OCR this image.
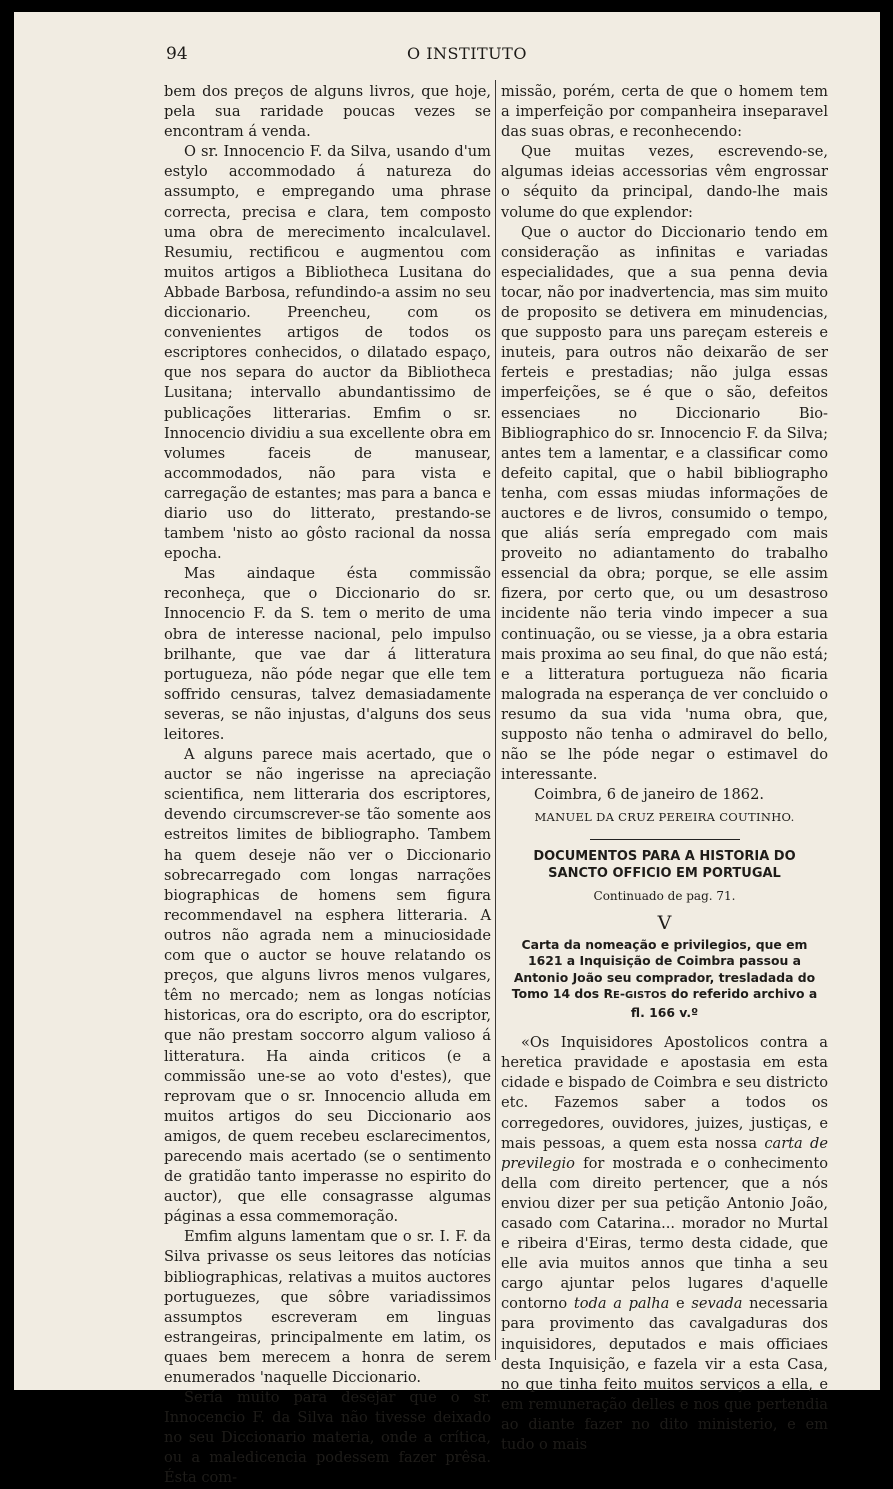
94	O INSTITUTO

bem dos preços de alguns livros, que hoje, pela sua raridade poucas vezes se encontram á venda.

O sr. Innocencio F. da Silva, usando d'um estylo accommodado á natureza do assumpto, e empregando uma phrase correcta, precisa e clara, tem composto uma obra de merecimento incalculavel. Resumiu, rectificou e augmentou com muitos artigos a Bibliotheca Lusitana do Abbade Barbosa, refundindo-a assim no seu diccionario. Preencheu, com os convenientes artigos de todos os escriptores conhecidos, o dilatado espaço, que nos separa do auctor da Bibliotheca Lusitana; intervallo abundantissimo de publicações litterarias. Emfim o sr. Innocencio dividiu a sua excellente obra em volumes faceis de manusear, accommodados, não para vista e carregação de estantes; mas para a banca e diario uso do litterato, prestando-se tambem 'nisto ao gôsto racional da nossa epocha.

Mas aindaque ésta commissão reconheça, que o Diccionario do sr. Innocencio F. da S. tem o merito de uma obra de interesse nacional, pelo impulso brilhante, que vae dar á litteratura portugueza, não póde negar que elle tem soffrido censuras, talvez demasiadamente severas, se não injustas, d'alguns dos seus leitores.

A alguns parece mais acertado, que o auctor se não ingerisse na apreciação scientifica, nem litteraria dos escriptores, devendo circumscrever-se tão somente aos estreitos limites de bibliographo. Tambem ha quem deseje não ver o Diccionario sobrecarregado com longas narrações biographicas de homens sem figura recommendavel na esphera litteraria. A outros não agrada nem a minuciosidade com que o auctor se houve relatando os preços, que alguns livros menos vulgares, têm no mercado; nem as longas notícias historicas, ora do escripto, ora do escriptor, que não prestam soccorro algum valioso á litteratura. Ha ainda criticos (e a commissão une-se ao voto d'estes), que reprovam que o sr. Innocencio alluda em muitos artigos do seu Diccionario aos amigos, de quem recebeu esclarecimentos, parecendo mais acertado (se o sentimento de gratidão tanto imperasse no espirito do auctor), que elle consagrasse algumas páginas a essa commemoração.

Emfim alguns lamentam que o sr. I. F. da Silva privasse os seus leitores das notícias bibliographicas, relativas a muitos auctores portuguezes, que sôbre variadissimos assumptos escreveram em linguas estrangeiras, principalmente em latim, os quaes bem merecem a honra de serem enumerados 'naquelle Diccionario.

Sería muito para desejar que o sr. Innocencio F. da Silva não tivesse deixado no seu Diccionario materia, onde a crítica, ou a maledicencia podessem fazer prêsa. Ésta com-

missão, porém, certa de que o homem tem a imperfeição por companheira inseparavel das suas obras, e reconhecendo:

Que muitas vezes, escrevendo-se, algumas ideias accessorias vêm engrossar o séquito da principal, dando-lhe mais volume do que explendor:

Que o auctor do Diccionario tendo em consideração as infinitas e variadas especialidades, que a sua penna devia tocar, não por inadvertencia, mas sim muito de proposito se detivera em minudencias, que supposto para uns pareçam estereis e inuteis, para outros não deixarão de ser ferteis e prestadias; não julga essas imperfeições, se é que o são, defeitos essenciaes no Diccionario Bio-Bibliographico do sr. Innocencio F. da Silva; antes tem a lamentar, e a classificar como defeito capital, que o habil bibliographo tenha, com essas miudas informações de auctores e de livros, consumido o tempo, que aliás sería empregado com mais proveito no adiantamento do trabalho essencial da obra; porque, se elle assim fizera, por certo que, ou um desastroso incidente não teria vindo impecer a sua continuação, ou se viesse, ja a obra estaria mais proxima ao seu final, do que não está; e a litteratura portugueza não ficaria malograda na esperança de ver concluido o resumo da sua vida 'numa obra, que, supposto não tenha o admiravel do bello, não se lhe póde negar o estimavel do interessante.

Coimbra, 6 de janeiro de 1862.

MANUEL DA CRUZ PEREIRA COUTINHO.
DOCUMENTOS PARA A HISTORIA DO SANCTO OFFICIO EM PORTUGAL
Continuado de pag. 71.
V
Carta da nomeação e privilegios, que em 1621 a Inquisição de Coimbra passou a Antonio João seu comprador, tresladada do Tomo 14 dos RE-GISTOS do referido archivo a fl. 166 v.º

«Os Inquisidores Apostolicos contra a heretica pravidade e apostasia em esta cidade e bispado de Coimbra e seu districto etc. Fazemos saber a todos os corregedores, ouvidores, juizes, justiças, e mais pessoas, a quem esta nossa carta de previlegio for mostrada e o conhecimento della com direito pertencer, que a nós enviou dizer per sua petição Antonio João, casado com Catarina... morador no Murtal e ribeira d'Eiras, termo desta cidade, que elle avia muitos annos que tinha a seu cargo ajuntar pelos lugares d'aquelle contorno toda a palha e sevada necessaria para provimento das cavalgaduras dos inquisidores, deputados e mais officiaes desta Inquisição, e fazela vir a esta Casa, no que tinha feito muitos serviços a ella, e em remuneração delles e nos que pertendia ao diante fazer no dito ministerio, e em tudo o mais
